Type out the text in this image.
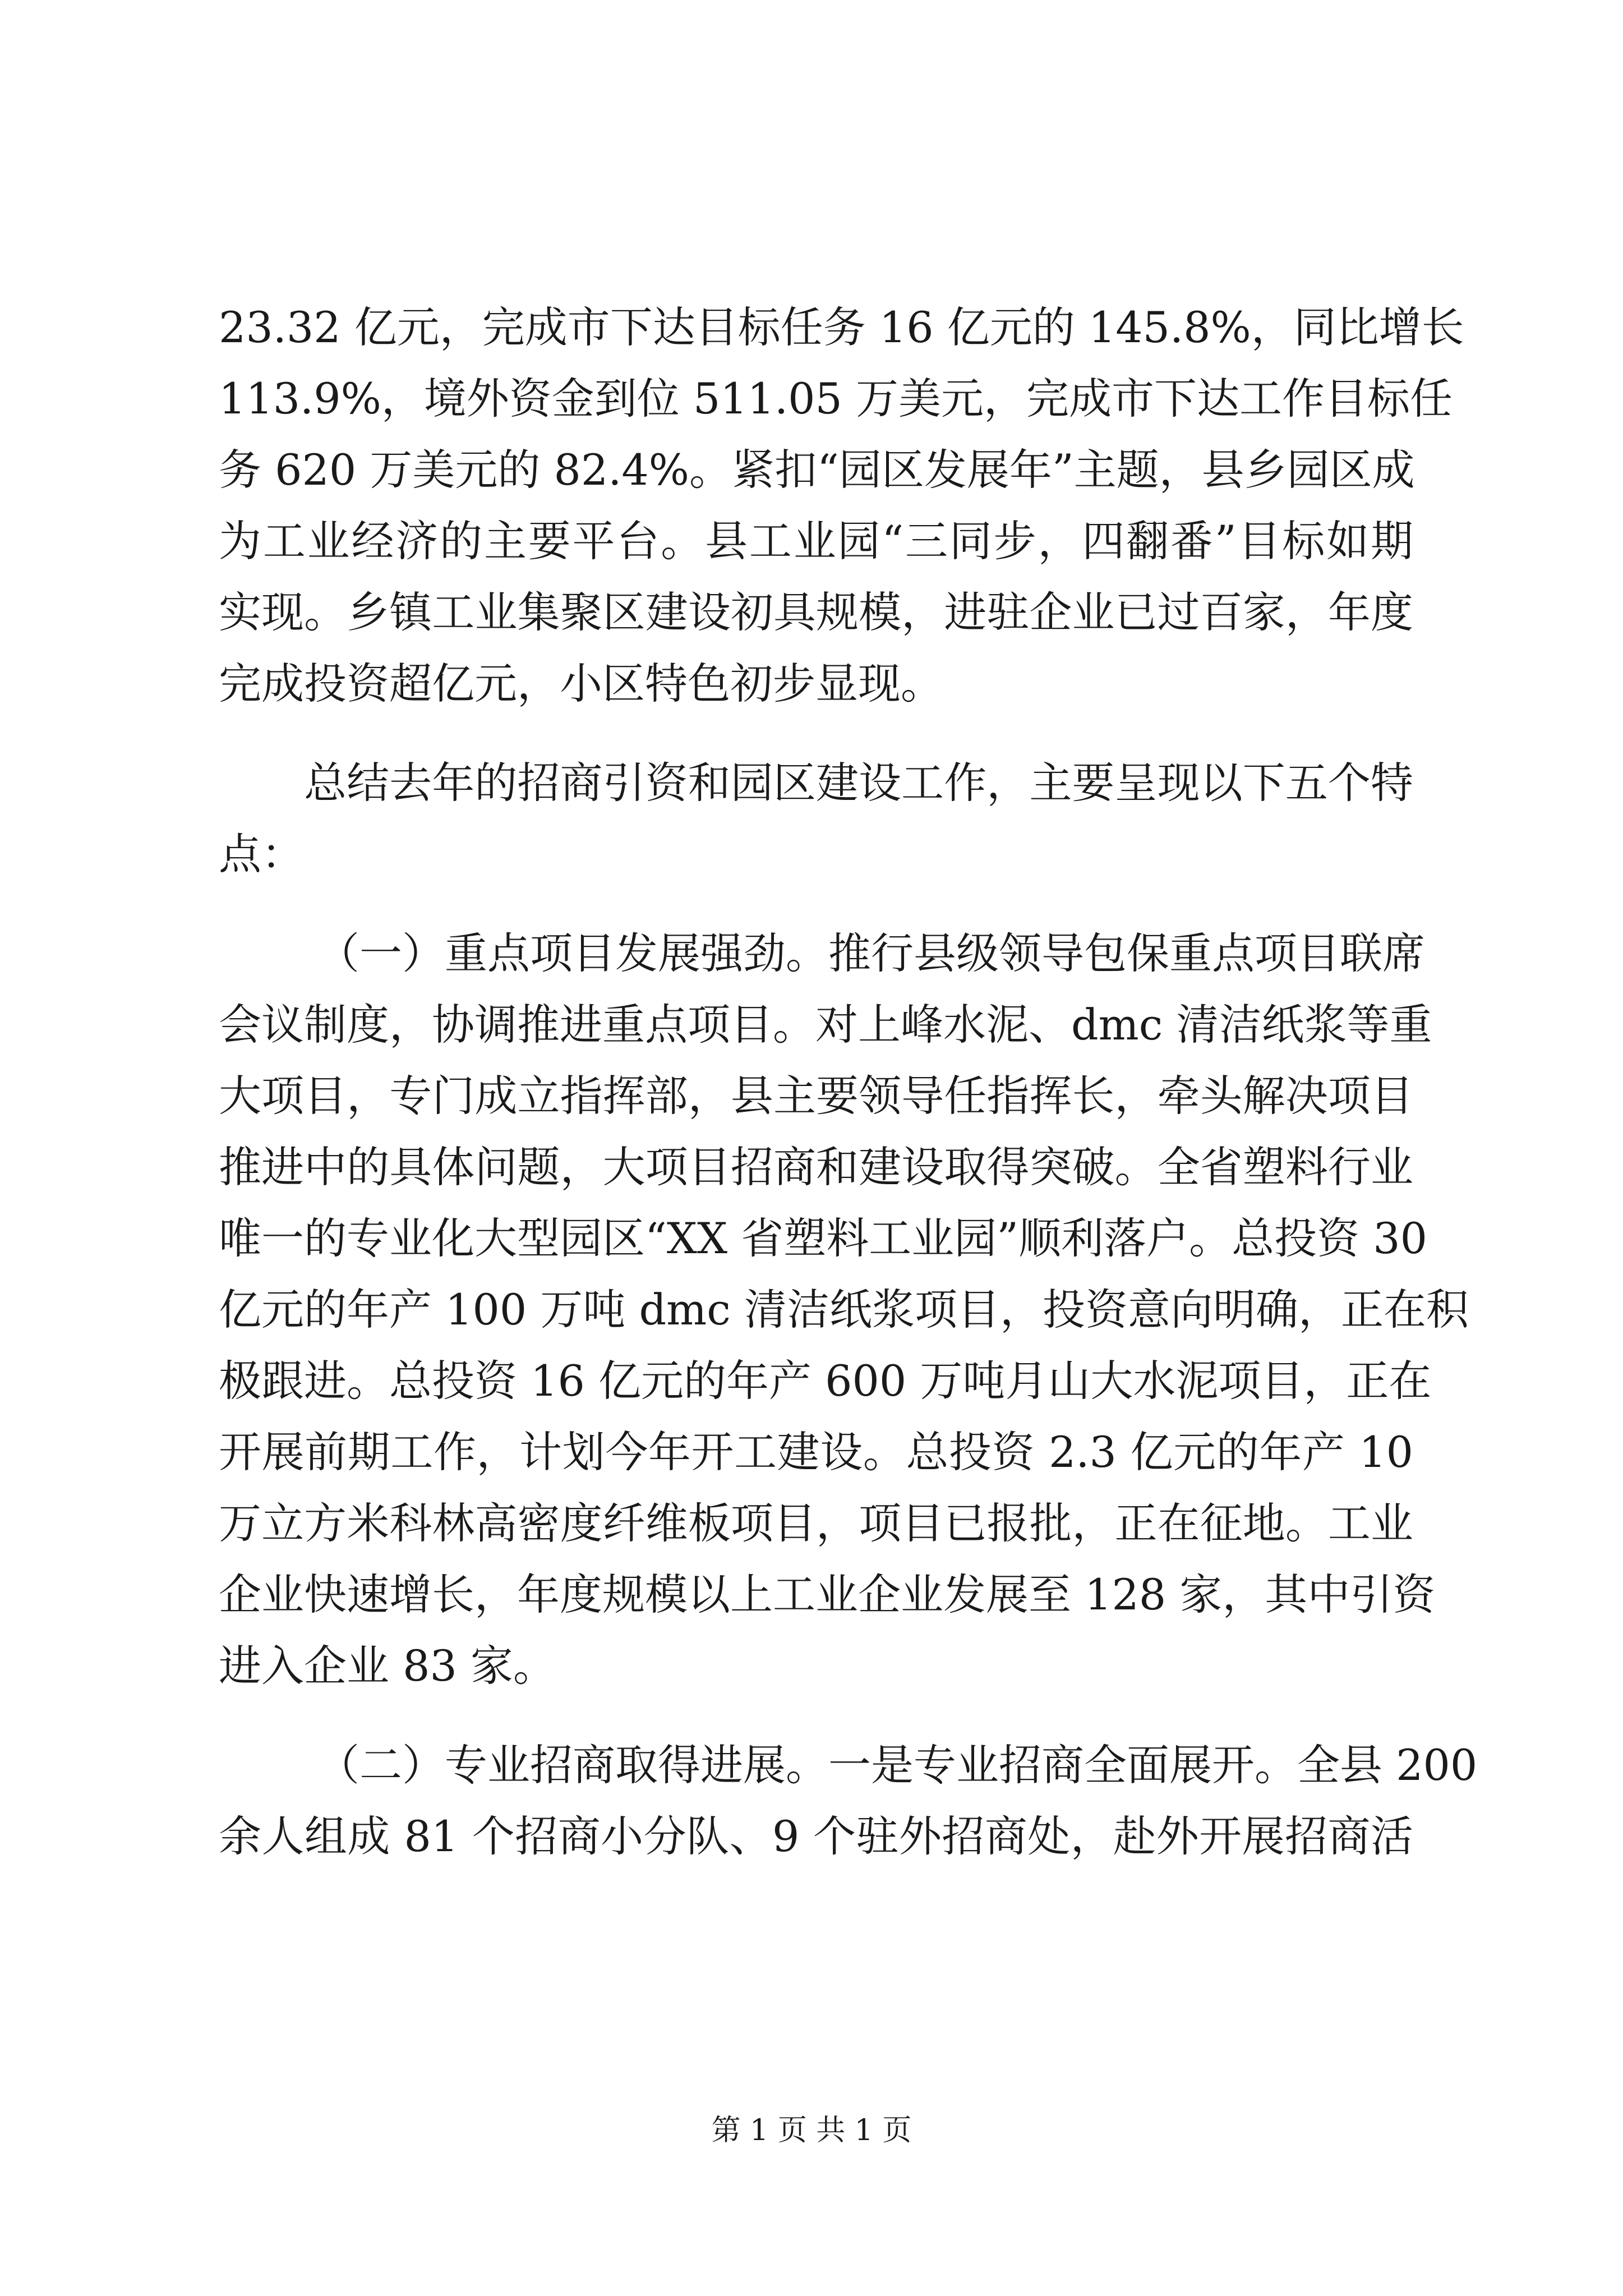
23.32 亿元，完成市下达目标任务 16 亿元的 145.8%，同比增长
113.9%，境外资金到位 511.05 万美元，完成市下达工作目标任
务 620 万美元的 82.4%。紧扣“园区发展年”主题，县乡园区成
为工业经济的主要平台。县工业园“三同步，四翻番”目标如期
实现。乡镇工业集聚区建设初具规模，进驻企业已过百家，年度
完成投资超亿元，小区特色初步显现。
总结去年的招商引资和园区建设工作，主要呈现以下五个特
点：
（一）重点项目发展强劲。推行县级领导包保重点项目联席
会议制度，协调推进重点项目。对上峰水泥、dmc 清洁纸浆等重
大项目，专门成立指挥部，县主要领导任指挥长，牵头解决项目
推进中的具体问题，大项目招商和建设取得突破。全省塑料行业
唯一的专业化大型园区“XX 省塑料工业园”顺利落户。总投资 30
亿元的年产 100 万吨 dmc 清洁纸浆项目，投资意向明确，正在积
极跟进。总投资 16 亿元的年产 600 万吨月山大水泥项目，正在
开展前期工作，计划今年开工建设。总投资 2.3 亿元的年产 10
万立方米科林高密度纤维板项目，项目已报批，正在征地。工业
企业快速增长，年度规模以上工业企业发展至 128 家，其中引资
进入企业 83 家。
（二）专业招商取得进展。一是专业招商全面展开。全县 200
余人组成 81 个招商小分队、9 个驻外招商处，赴外开展招商活
第 1 页 共 1 页
